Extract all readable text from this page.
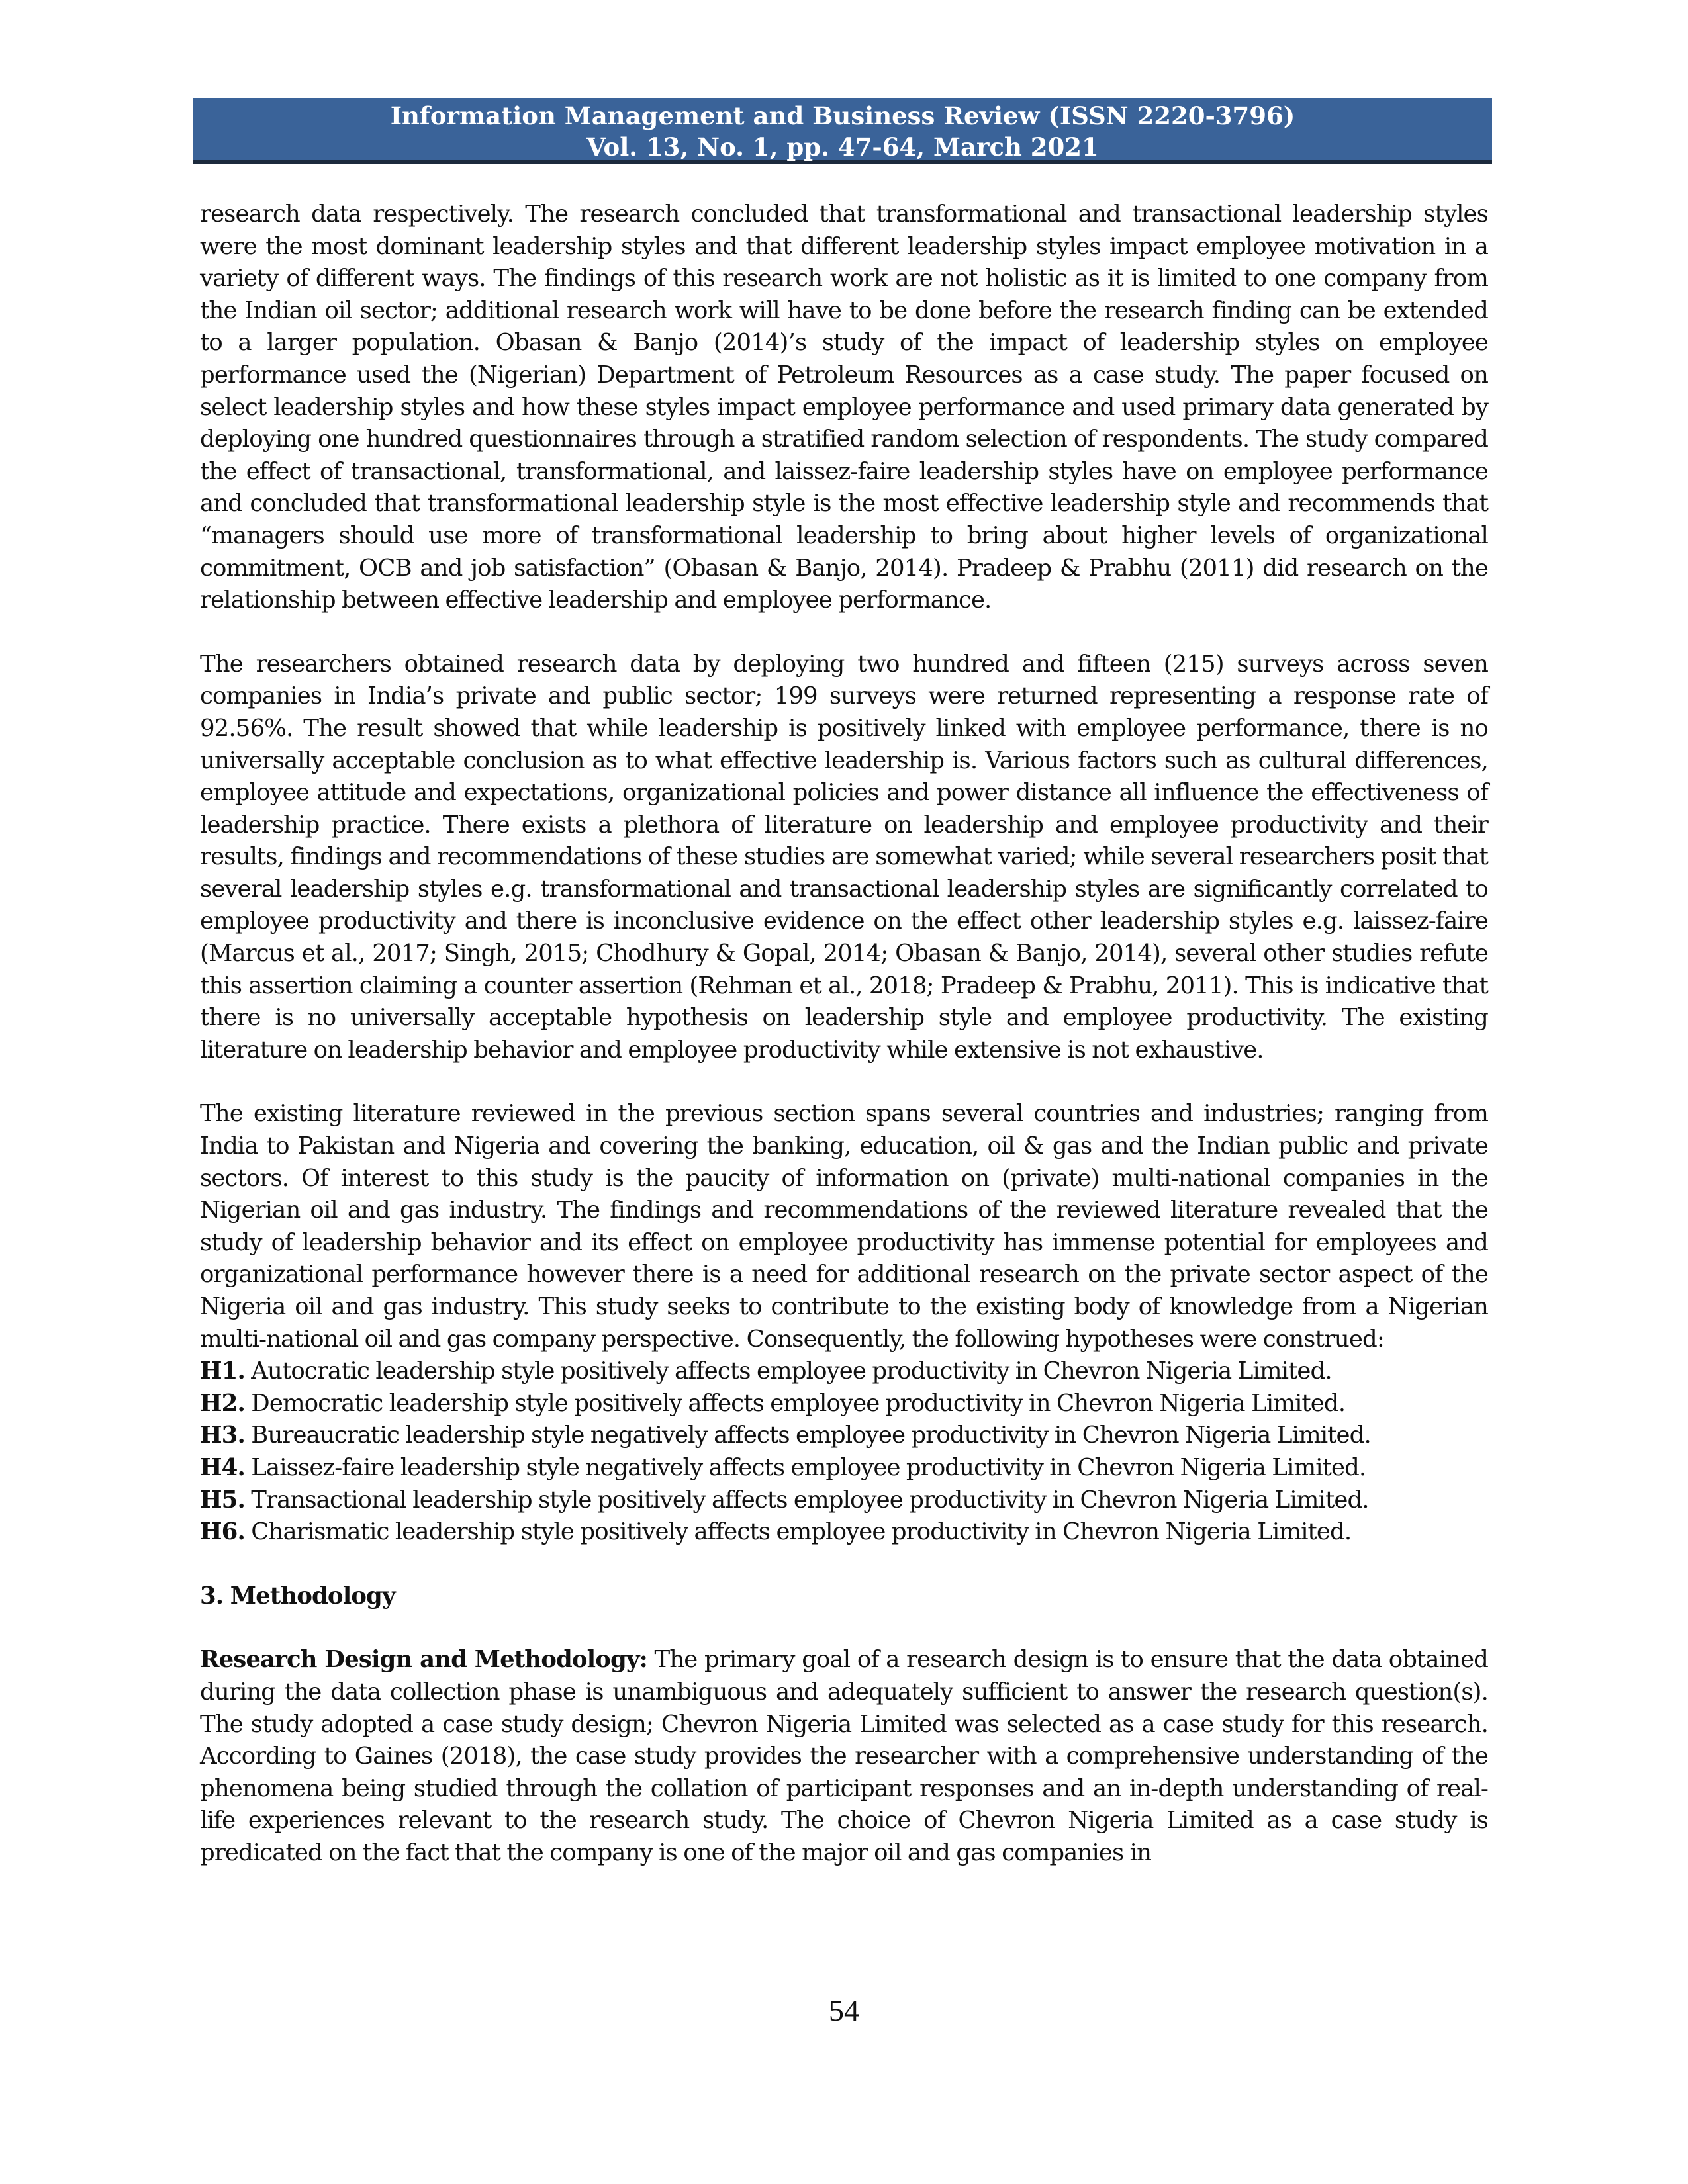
Information Management and Business Review (ISSN 2220-3796)
Vol. 13, No. 1, pp. 47-64, March 2021

research data respectively. The research concluded that transformational and transactional leadership styles were the most dominant leadership styles and that different leadership styles impact employee motivation in a variety of different ways. The findings of this research work are not holistic as it is limited to one company from the Indian oil sector; additional research work will have to be done before the research finding can be extended to a larger population. Obasan & Banjo (2014)’s study of the impact of leadership styles on employee performance used the (Nigerian) Department of Petroleum Resources as a case study. The paper focused on select leadership styles and how these styles impact employee performance and used primary data generated by deploying one hundred questionnaires through a stratified random selection of respondents. The study compared the effect of transactional, transformational, and laissez-faire leadership styles have on employee performance and concluded that transformational leadership style is the most effective leadership style and recommends that “managers should use more of transformational leadership to bring about higher levels of organizational commitment, OCB and job satisfaction” (Obasan & Banjo, 2014). Pradeep & Prabhu (2011) did research on the relationship between effective leadership and employee performance.

The researchers obtained research data by deploying two hundred and fifteen (215) surveys across seven companies in India’s private and public sector; 199 surveys were returned representing a response rate of 92.56%. The result showed that while leadership is positively linked with employee performance, there is no universally acceptable conclusion as to what effective leadership is. Various factors such as cultural differences, employee attitude and expectations, organizational policies and power distance all influence the effectiveness of leadership practice. There exists a plethora of literature on leadership and employee productivity and their results, findings and recommendations of these studies are somewhat varied; while several researchers posit that several leadership styles e.g. transformational and transactional leadership styles are significantly correlated to employee productivity and there is inconclusive evidence on the effect other leadership styles e.g. laissez-faire (Marcus et al., 2017; Singh, 2015; Chodhury & Gopal, 2014; Obasan & Banjo, 2014), several other studies refute this assertion claiming a counter assertion (Rehman et al., 2018; Pradeep & Prabhu, 2011). This is indicative that there is no universally acceptable hypothesis on leadership style and employee productivity. The existing literature on leadership behavior and employee productivity while extensive is not exhaustive.

The existing literature reviewed in the previous section spans several countries and industries; ranging from India to Pakistan and Nigeria and covering the banking, education, oil & gas and the Indian public and private sectors. Of interest to this study is the paucity of information on (private) multi-national companies in the Nigerian oil and gas industry. The findings and recommendations of the reviewed literature revealed that the study of leadership behavior and its effect on employee productivity has immense potential for employees and organizational performance however there is a need for additional research on the private sector aspect of the Nigeria oil and gas industry. This study seeks to contribute to the existing body of knowledge from a Nigerian multi-national oil and gas company perspective. Consequently, the following hypotheses were construed:

H1. Autocratic leadership style positively affects employee productivity in Chevron Nigeria Limited.
H2. Democratic leadership style positively affects employee productivity in Chevron Nigeria Limited.
H3. Bureaucratic leadership style negatively affects employee productivity in Chevron Nigeria Limited.
H4. Laissez-faire leadership style negatively affects employee productivity in Chevron Nigeria Limited.
H5. Transactional leadership style positively affects employee productivity in Chevron Nigeria Limited.
H6. Charismatic leadership style positively affects employee productivity in Chevron Nigeria Limited.
3. Methodology

Research Design and Methodology: The primary goal of a research design is to ensure that the data obtained during the data collection phase is unambiguous and adequately sufficient to answer the research question(s). The study adopted a case study design; Chevron Nigeria Limited was selected as a case study for this research. According to Gaines (2018), the case study provides the researcher with a comprehensive understanding of the phenomena being studied through the collation of participant responses and an in-depth understanding of real-life experiences relevant to the research study. The choice of Chevron Nigeria Limited as a case study is predicated on the fact that the company is one of the major oil and gas companies in

54
